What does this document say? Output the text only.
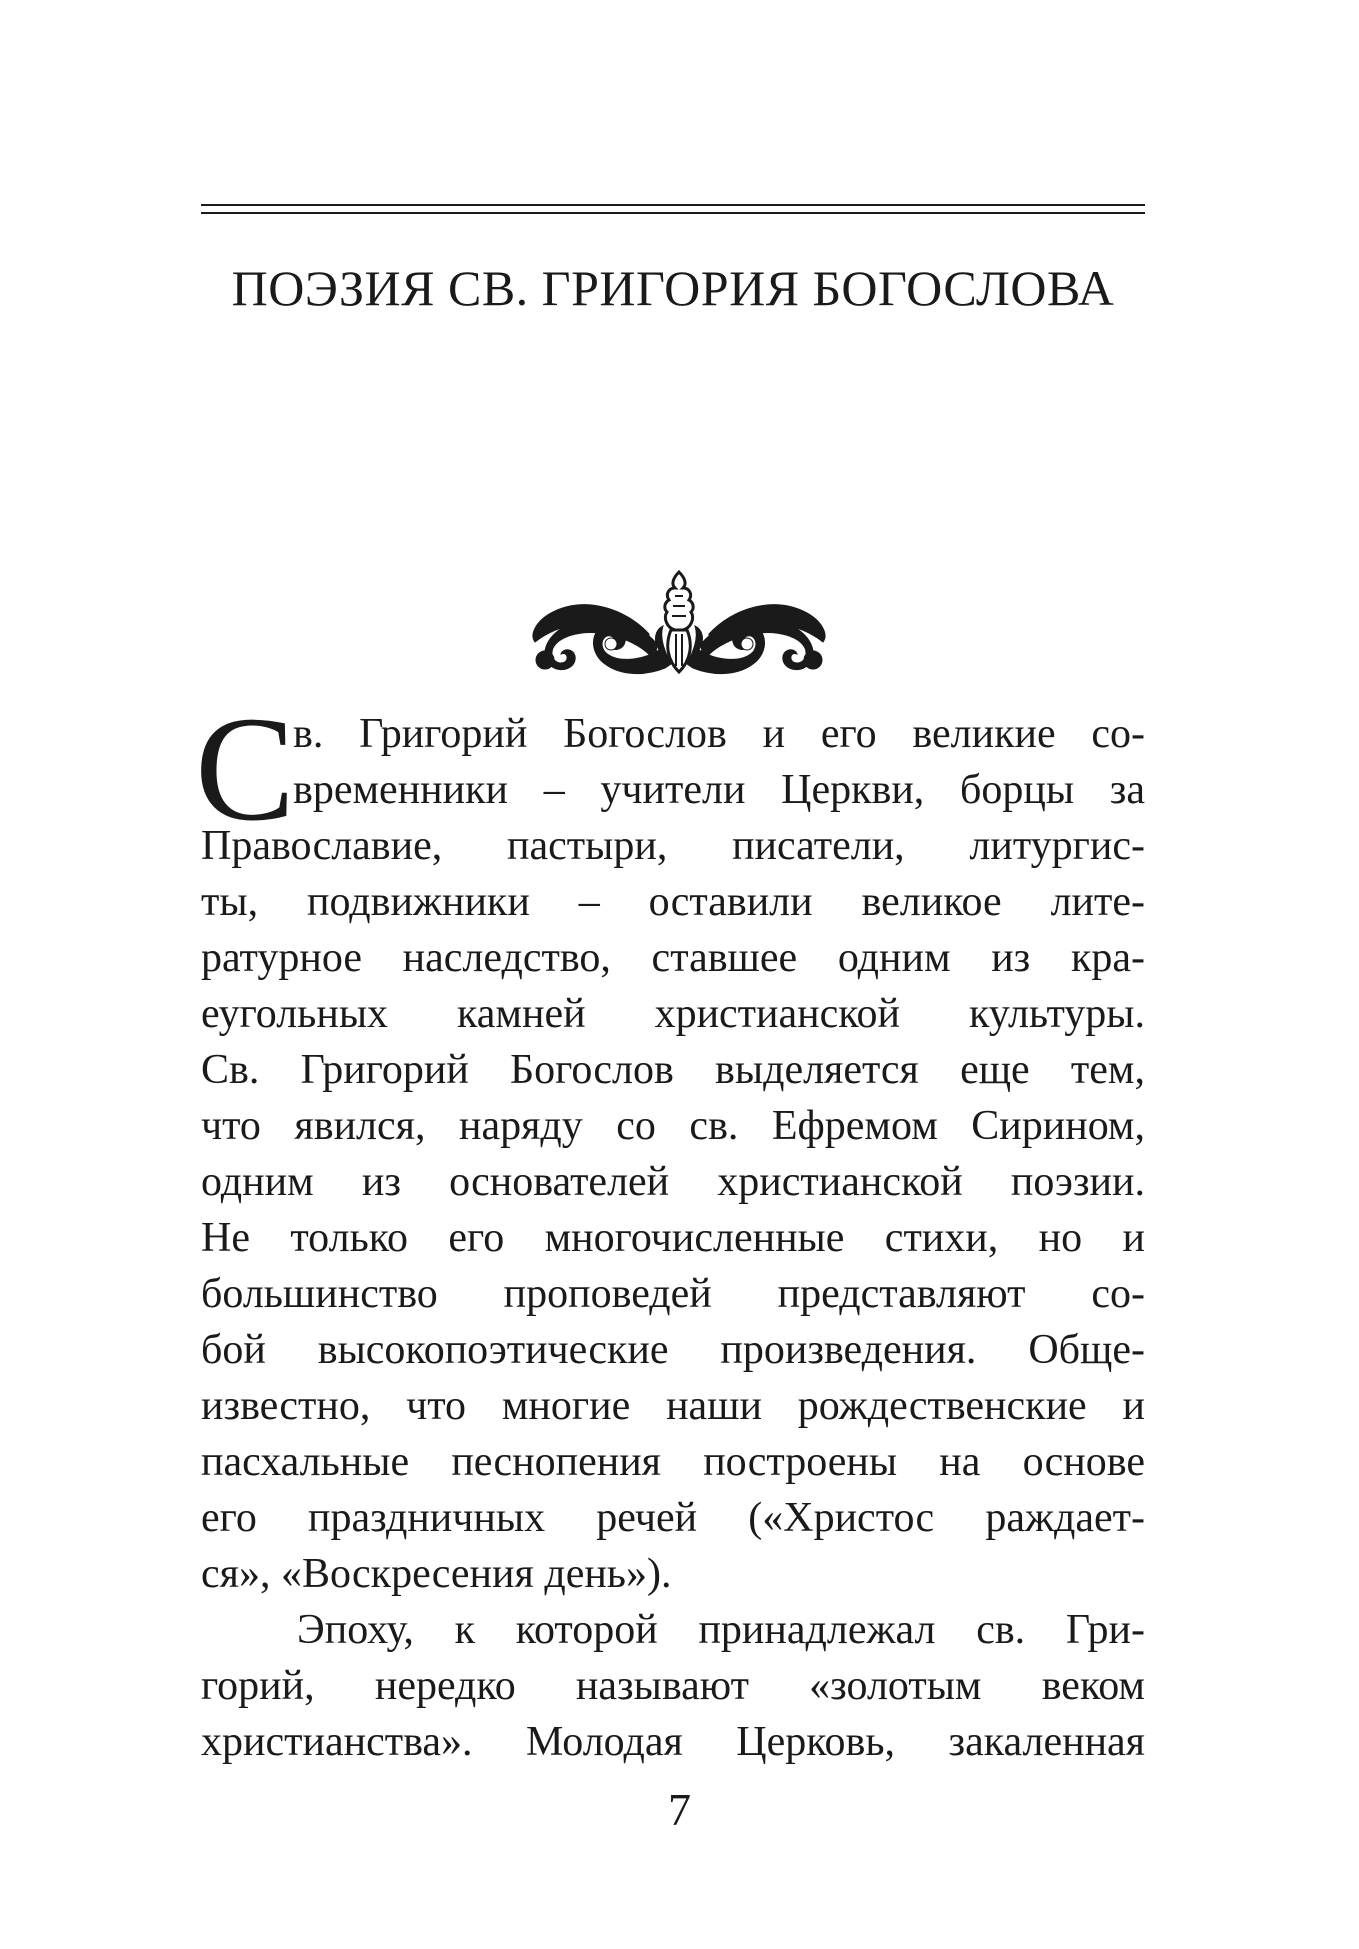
ПОЭЗИЯ СВ. ГРИГОРИЯ БОГОСЛОВА
С
в. Григорий Богослов и его великие со-
временники – учители Церкви, борцы за
Православие, пастыри, писатели, литургис-
ты, подвижники – оставили великое лите-
ратурное наследство, ставшее одним из кра-
еугольных камней христианской культуры.
Св. Григорий Богослов выделяется еще тем,
что явился, наряду со св. Ефремом Сирином,
одним из основателей христианской поэзии.
Не только его многочисленные стихи, но и
большинство проповедей представляют со-
бой высокопоэтические произведения. Обще-
известно, что многие наши рождественские и
пасхальные песнопения построены на основе
его праздничных речей («Христос раждает-
ся», «Воскресения день»).
Эпоху, к которой принадлежал св. Гри-
горий, нередко называют «золотым веком
христианства». Молодая Церковь, закаленная
7
